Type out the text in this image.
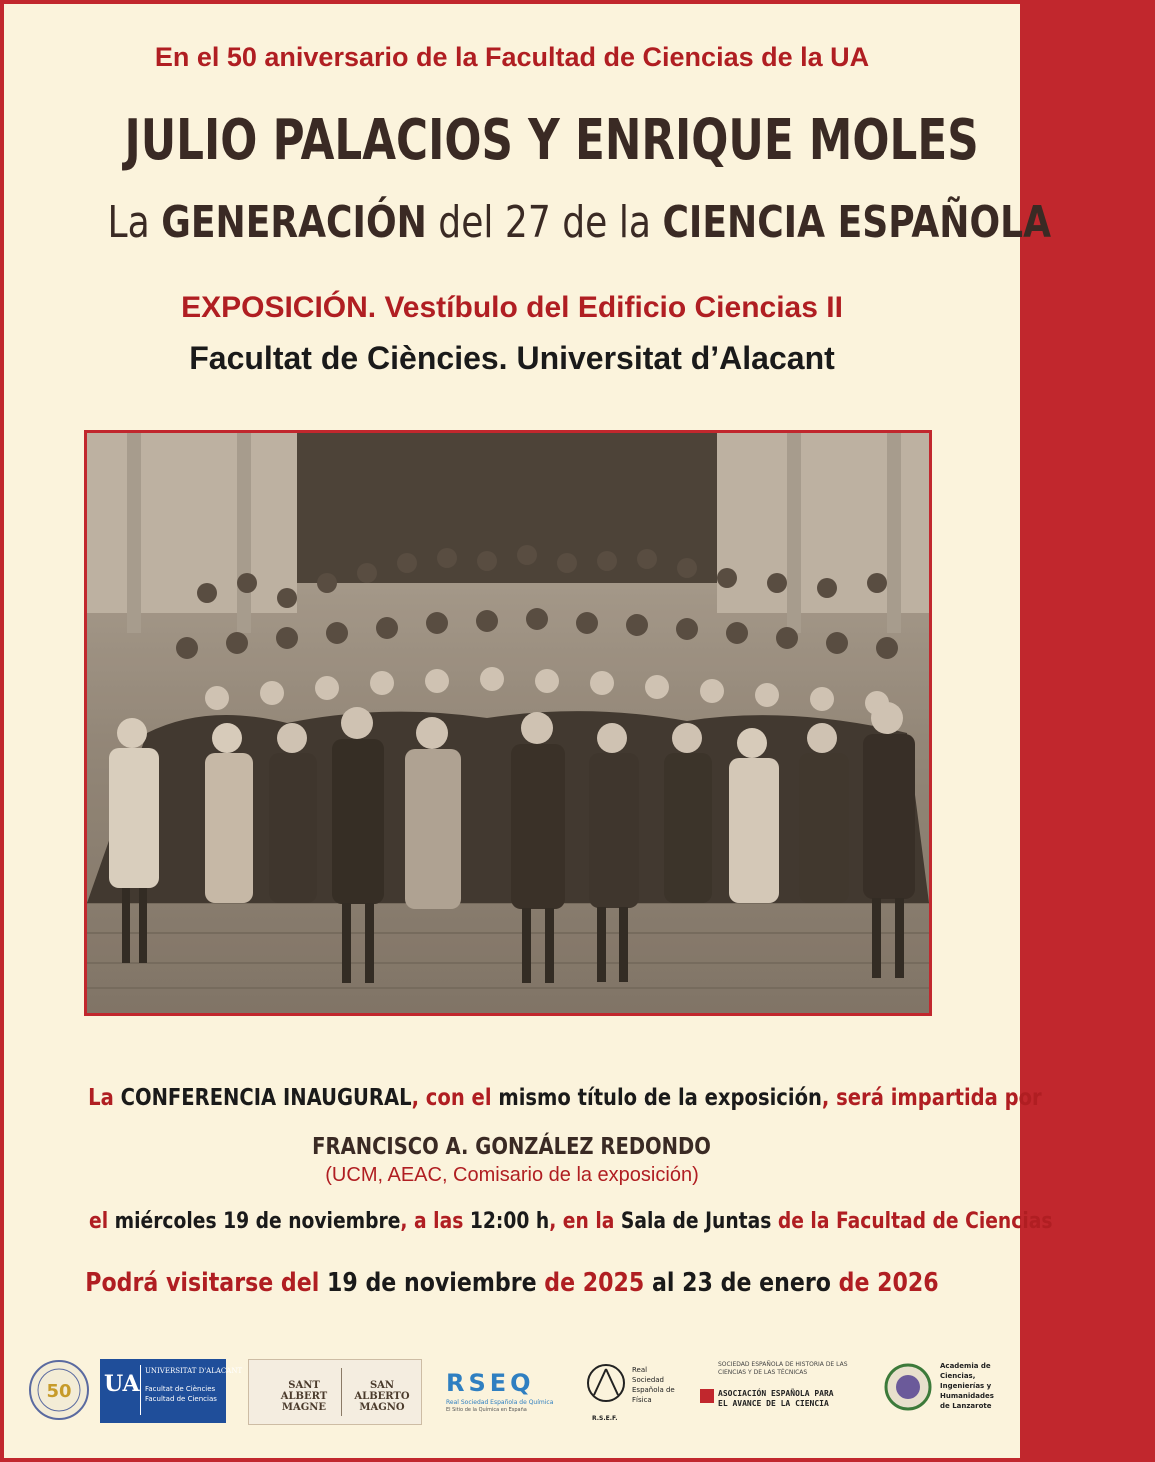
En el 50 aniversario de la Facultad de Ciencias de la UA
JULIO PALACIOS Y ENRIQUE MOLES
La GENERACIÓN del 27 de la CIENCIA ESPAÑOLA
EXPOSICIÓN. Vestíbulo del Edificio Ciencias II
Facultat de Ciències. Universitat d’Alacant
La CONFERENCIA INAUGURAL, con el mismo título de la exposición, será impartida por
FRANCISCO A. GONZÁLEZ REDONDO
(UCM, AEAC, Comisario de la exposición)
el miércoles 19 de noviembre, a las 12:00 h, en la Sala de Juntas de la Facultad de Ciencias
Podrá visitarse del 19 de noviembre de 2025 al 23 de enero de 2026
50 UA UNIVERSITAT D'ALACANT
Facultat de Ciències
Facultad de Ciencias
SANT ALBERT MAGNE
SAN ALBERTO MAGNO
RSEQ
Real Sociedad Española de Química
El Sitio de la Química en España
R.S.E.F.
Real
Sociedad
Española de
Física
SOCIEDAD ESPAÑOLA DE HISTORIA DE LAS CIENCIAS Y DE LAS TÉCNICAS
ASOCIACIÓN ESPAÑOLA PARA
EL AVANCE DE LA CIENCIA
Academia de
Ciencias,
Ingenierías y
Humanidades
de Lanzarote
